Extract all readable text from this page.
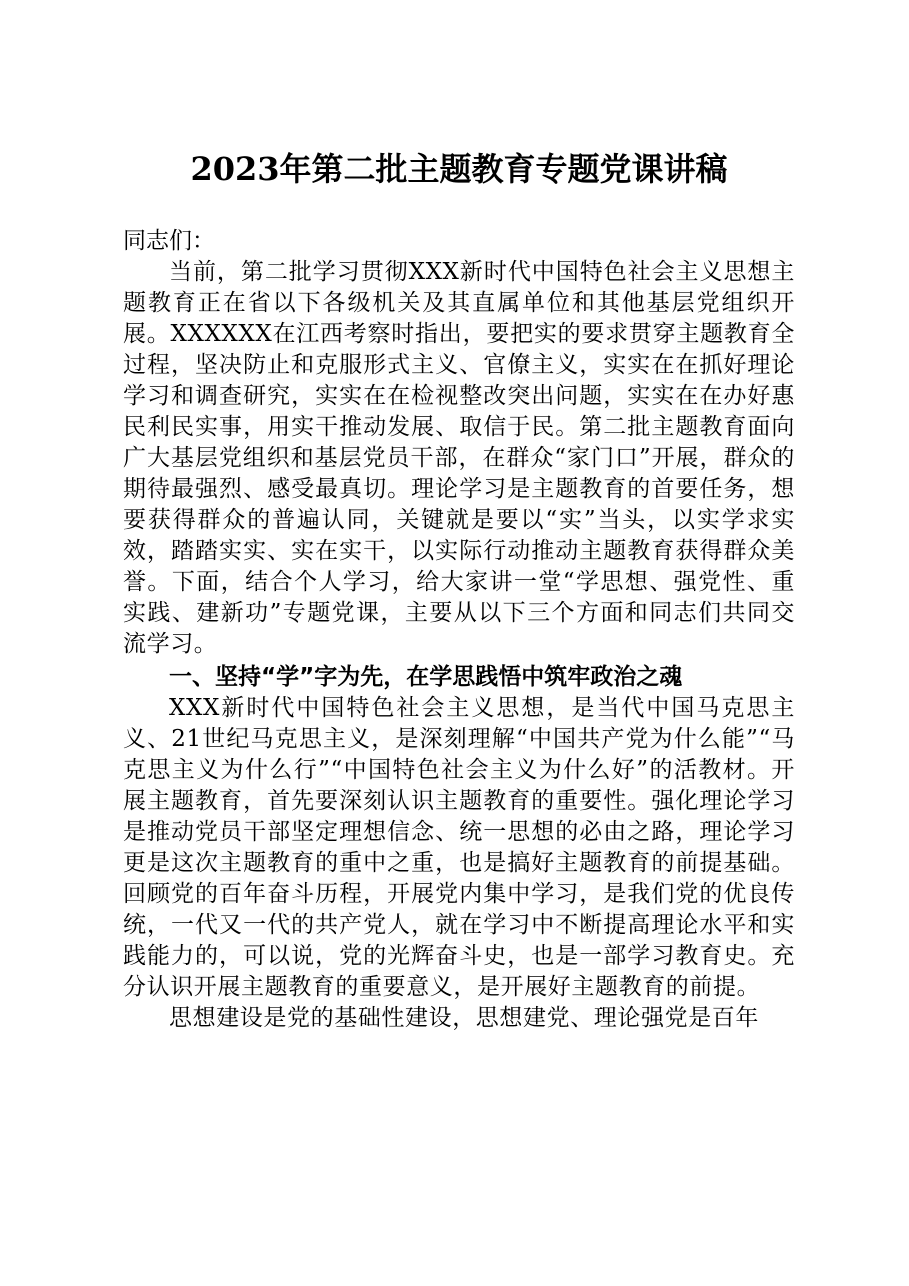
2023年第二批主题教育专题党课讲稿

同志们：

当前，第二批学习贯彻XXX新时代中国特色社会主义思想主题教育正在省以下各级机关及其直属单位和其他基层党组织开展。XXXXXX在江西考察时指出，要把实的要求贯穿主题教育全过程，坚决防止和克服形式主义、官僚主义，实实在在抓好理论学习和调查研究，实实在在检视整改突出问题，实实在在办好惠民利民实事，用实干推动发展、取信于民。第二批主题教育面向广大基层党组织和基层党员干部，在群众“家门口”开展，群众的期待最强烈、感受最真切。理论学习是主题教育的首要任务，想要获得群众的普遍认同，关键就是要以“实”当头，以实学求实效，踏踏实实、实在实干，以实际行动推动主题教育获得群众美誉。下面，结合个人学习，给大家讲一堂“学思想、强党性、重实践、建新功”专题党课，主要从以下三个方面和同志们共同交流学习。

一、坚持“学”字为先，在学思践悟中筑牢政治之魂

XXX新时代中国特色社会主义思想，是当代中国马克思主义、21世纪马克思主义，是深刻理解“中国共产党为什么能”“马克思主义为什么行”“中国特色社会主义为什么好”的活教材。开展主题教育，首先要深刻认识主题教育的重要性。强化理论学习是推动党员干部坚定理想信念、统一思想的必由之路，理论学习更是这次主题教育的重中之重，也是搞好主题教育的前提基础。回顾党的百年奋斗历程，开展党内集中学习，是我们党的优良传统，一代又一代的共产党人，就在学习中不断提高理论水平和实践能力的，可以说，党的光辉奋斗史，也是一部学习教育史。充分认识开展主题教育的重要意义，是开展好主题教育的前提。

思想建设是党的基础性建设，思想建党、理论强党是百年
